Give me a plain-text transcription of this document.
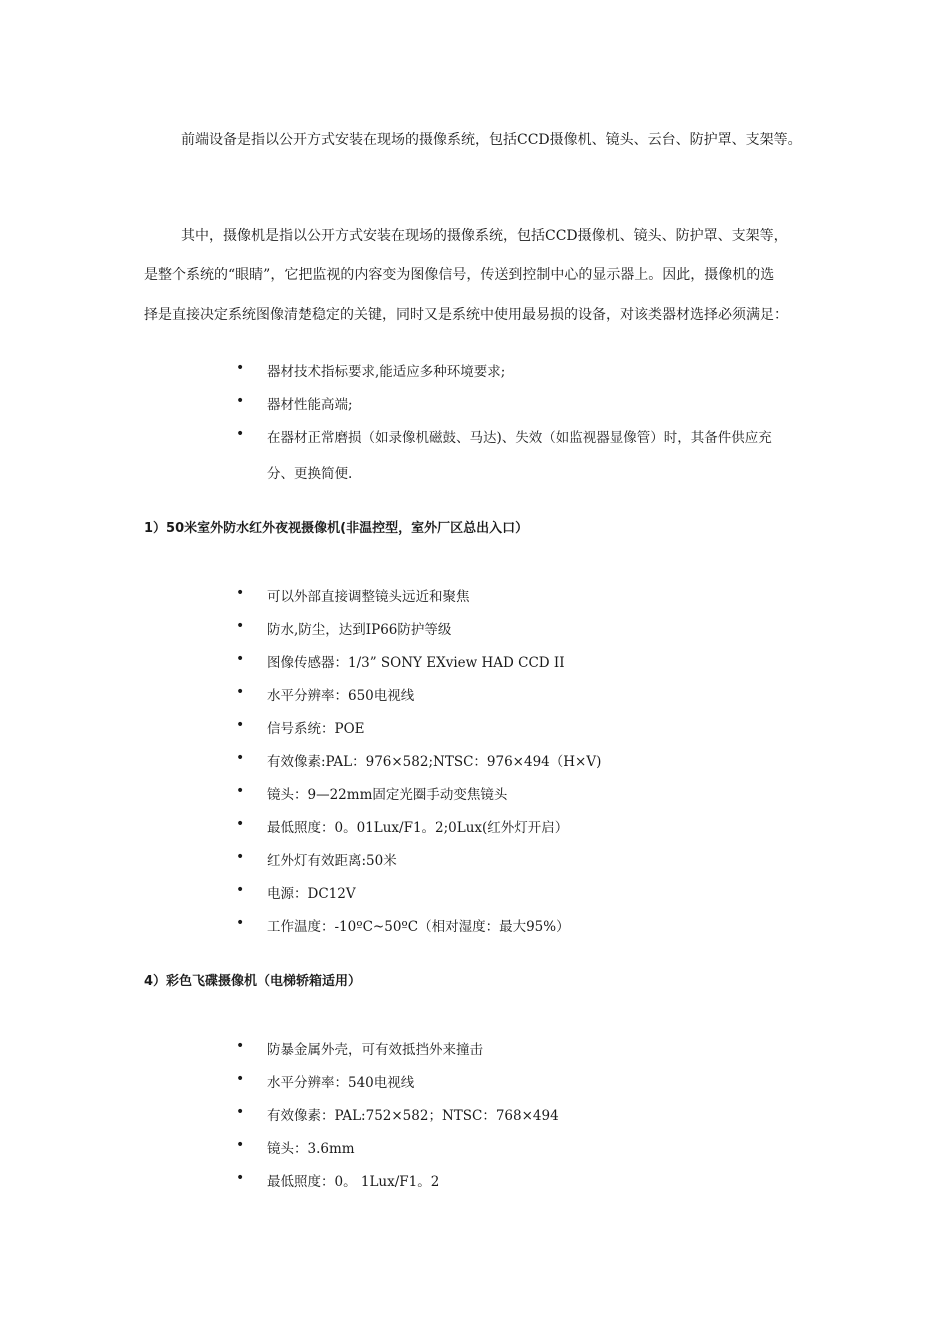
前端设备是指以公开方式安装在现场的摄像系统，包括CCD摄像机、镜头、云台、防护罩、支架等。
其中，摄像机是指以公开方式安装在现场的摄像系统，包括CCD摄像机、镜头、防护罩、支架等，
是整个系统的“眼睛”，它把监视的内容变为图像信号，传送到控制中心的显示器上。因此，摄像机的选
择是直接决定系统图像清楚稳定的关键，同时又是系统中使用最易损的设备，对该类器材选择必须满足：
• 器材技术指标要求,能适应多种环境要求;
• 器材性能高端;
• 在器材正常磨损（如录像机磁鼓、马达)、失效（如监视器显像管）时，其备件供应充
分、更换简便.
1）50米室外防水红外夜视摄像机(非温控型，室外厂区总出入口）
• 可以外部直接调整镜头远近和聚焦
• 防水,防尘，达到IP66防护等级
• 图像传感器：1/3” SONY EXview HAD CCD II
• 水平分辨率：650电视线
• 信号系统：POE
• 有效像素:PAL：976×582;NTSC：976×494（H×V)
• 镜头：9—22mm固定光圈手动变焦镜头
• 最低照度：0。01Lux/F1。2;0Lux(红外灯开启）
• 红外灯有效距离:50米
• 电源：DC12V
• 工作温度：-10ºC~50ºC（相对湿度：最大95%）
4）彩色飞碟摄像机（电梯轿箱适用）
• 防暴金属外壳，可有效抵挡外来撞击
• 水平分辨率：540电视线
• 有效像素：PAL:752×582；NTSC：768×494
• 镜头：3.6mm
• 最低照度：0。 1Lux/F1。2
